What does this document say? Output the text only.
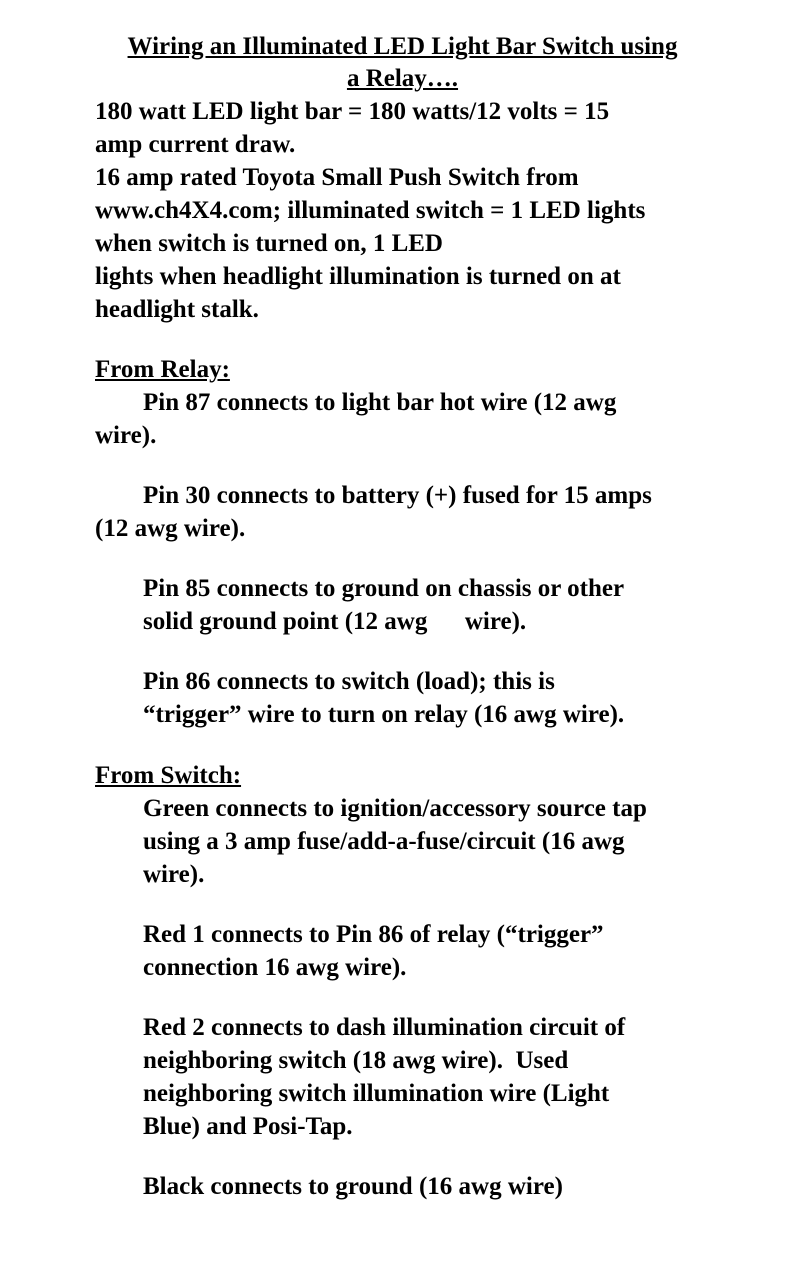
Wiring an Illuminated LED Light Bar Switch using
a Relay….
180 watt LED light bar = 180 watts/12 volts = 15
amp current draw.
16 amp rated Toyota Small Push Switch from
www.ch4X4.com; illuminated switch = 1 LED lights
when switch is turned on, 1 LED
lights when headlight illumination is turned on at
headlight stalk.
From Relay:
Pin 87 connects to light bar hot wire (12 awg
wire).
Pin 30 connects to battery (+) fused for 15 amps
(12 awg wire).
Pin 85 connects to ground on chassis or other
solid ground point (12 awg      wire).
Pin 86 connects to switch (load); this is
“trigger” wire to turn on relay (16 awg wire).
From Switch:
Green connects to ignition/accessory source tap
using a 3 amp fuse/add-a-fuse/circuit (16 awg
wire).
Red 1 connects to Pin 86 of relay (“trigger”
connection 16 awg wire).
Red 2 connects to dash illumination circuit of
neighboring switch (18 awg wire).  Used
neighboring switch illumination wire (Light
Blue) and Posi-Tap.
Black connects to ground (16 awg wire)
